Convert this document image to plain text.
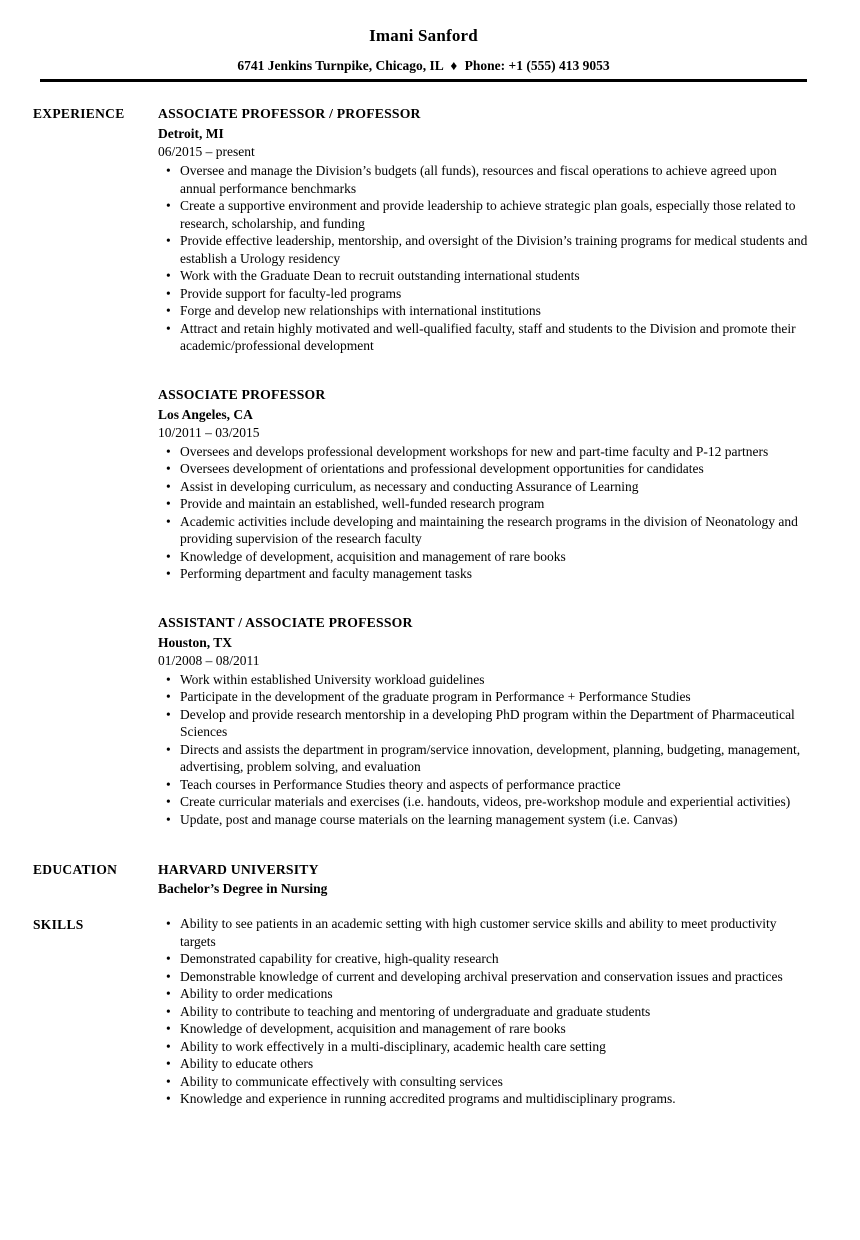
Imani Sanford
6741 Jenkins Turnpike, Chicago, IL ♦ Phone: +1 (555) 413 9053
EXPERIENCE	ASSOCIATE PROFESSOR / PROFESSOR
Detroit, MI
06/2015 – present
• Oversee and manage the Division’s budgets (all funds), resources and fiscal operations to achieve agreed upon annual performance benchmarks
• Create a supportive environment and provide leadership to achieve strategic plan goals, especially those related to research, scholarship, and funding
• Provide effective leadership, mentorship, and oversight of the Division’s training programs for medical students and establish a Urology residency
• Work with the Graduate Dean to recruit outstanding international students
• Provide support for faculty-led programs
• Forge and develop new relationships with international institutions
• Attract and retain highly motivated and well-qualified faculty, staff and students to the Division and promote their academic/professional development
ASSOCIATE PROFESSOR
Los Angeles, CA
10/2011 – 03/2015
• Oversees and develops professional development workshops for new and part-time faculty and P-12 partners
• Oversees development of orientations and professional development opportunities for candidates
• Assist in developing curriculum, as necessary and conducting Assurance of Learning
• Provide and maintain an established, well-funded research program
• Academic activities include developing and maintaining the research programs in the division of Neonatology and providing supervision of the research faculty
• Knowledge of development, acquisition and management of rare books
• Performing department and faculty management tasks
ASSISTANT / ASSOCIATE PROFESSOR
Houston, TX
01/2008 – 08/2011
• Work within established University workload guidelines
• Participate in the development of the graduate program in Performance + Performance Studies
• Develop and provide research mentorship in a developing PhD program within the Department of Pharmaceutical Sciences
• Directs and assists the department in program/service innovation, development, planning, budgeting, management, advertising, problem solving, and evaluation
• Teach courses in Performance Studies theory and aspects of performance practice
• Create curricular materials and exercises (i.e. handouts, videos, pre-workshop module and experiential activities)
• Update, post and manage course materials on the learning management system (i.e. Canvas)
EDUCATION	HARVARD UNIVERSITY
Bachelor’s Degree in Nursing
SKILLS	• Ability to see patients in an academic setting with high customer service skills and ability to meet productivity targets
• Demonstrated capability for creative, high-quality research
• Demonstrable knowledge of current and developing archival preservation and conservation issues and practices
• Ability to order medications
• Ability to contribute to teaching and mentoring of undergraduate and graduate students
• Knowledge of development, acquisition and management of rare books
• Ability to work effectively in a multi-disciplinary, academic health care setting
• Ability to educate others
• Ability to communicate effectively with consulting services
• Knowledge and experience in running accredited programs and multidisciplinary programs.
